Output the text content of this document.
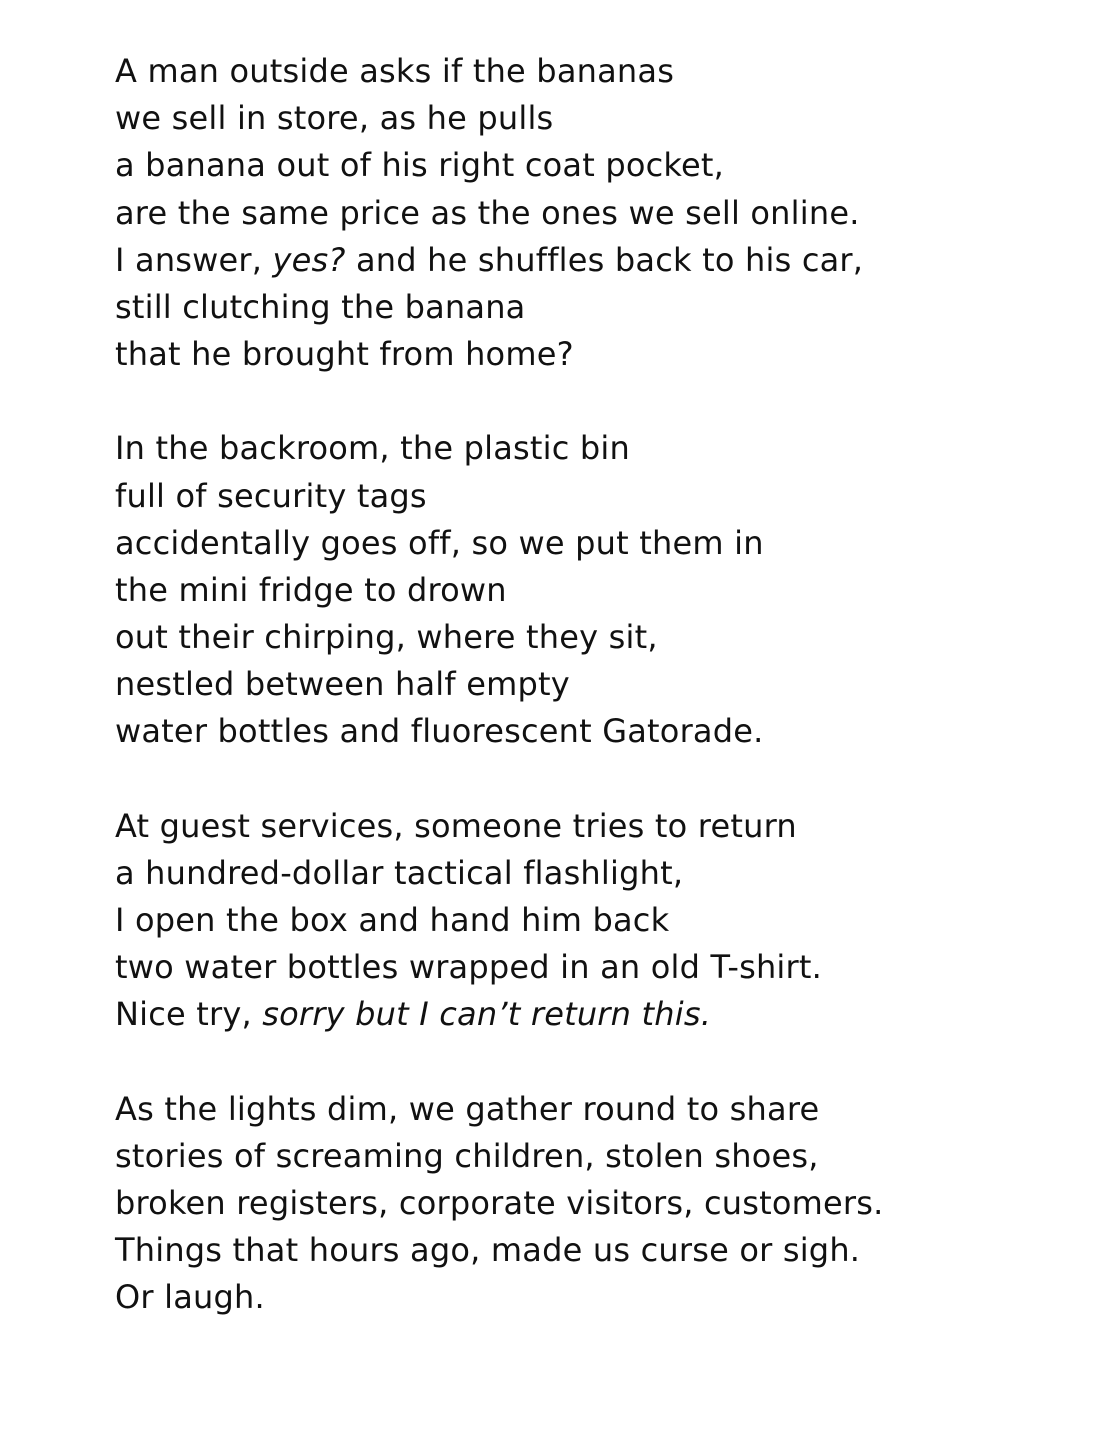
A man outside asks if the bananas
we sell in store, as he pulls
a banana out of his right coat pocket,
are the same price as the ones we sell online.
I answer, yes? and he shuffles back to his car,
still clutching the banana
that he brought from home?
In the backroom, the plastic bin
full of security tags
accidentally goes off, so we put them in
the mini fridge to drown
out their chirping, where they sit,
nestled between half empty
water bottles and fluorescent Gatorade.
At guest services, someone tries to return
a hundred-dollar tactical flashlight,
I open the box and hand him back
two water bottles wrapped in an old T-shirt.
Nice try, sorry but I can’t return this.
As the lights dim, we gather round to share
stories of screaming children, stolen shoes,
broken registers, corporate visitors, customers.
Things that hours ago, made us curse or sigh.
Or laugh.
